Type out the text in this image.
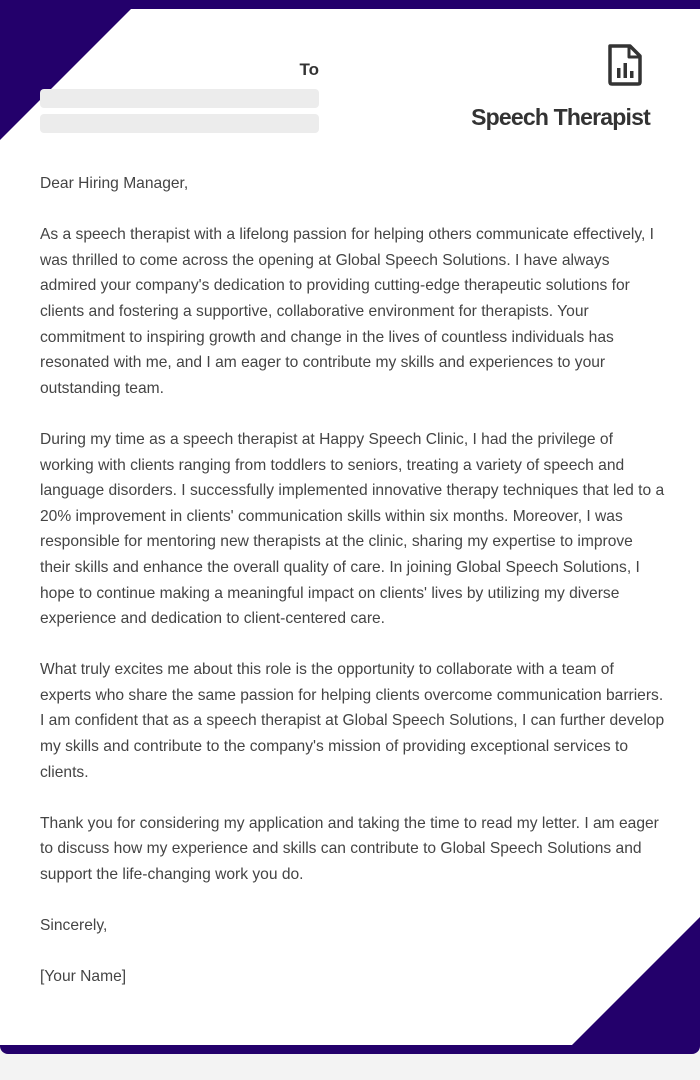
To
Speech Therapist

Dear Hiring Manager,

As a speech therapist with a lifelong passion for helping others communicate effectively, I was thrilled to come across the opening at Global Speech Solutions. I have always admired your company's dedication to providing cutting-edge therapeutic solutions for clients and fostering a supportive, collaborative environment for therapists. Your commitment to inspiring growth and change in the lives of countless individuals has resonated with me, and I am eager to contribute my skills and experiences to your outstanding team.

During my time as a speech therapist at Happy Speech Clinic, I had the privilege of working with clients ranging from toddlers to seniors, treating a variety of speech and language disorders. I successfully implemented innovative therapy techniques that led to a 20% improvement in clients' communication skills within six months. Moreover, I was responsible for mentoring new therapists at the clinic, sharing my expertise to improve their skills and enhance the overall quality of care. In joining Global Speech Solutions, I hope to continue making a meaningful impact on clients' lives by utilizing my diverse experience and dedication to client-centered care.

What truly excites me about this role is the opportunity to collaborate with a team of experts who share the same passion for helping clients overcome communication barriers. I am confident that as a speech therapist at Global Speech Solutions, I can further develop my skills and contribute to the company's mission of providing exceptional services to clients.

Thank you for considering my application and taking the time to read my letter. I am eager to discuss how my experience and skills can contribute to Global Speech Solutions and support the life-changing work you do.

Sincerely,

[Your Name]
